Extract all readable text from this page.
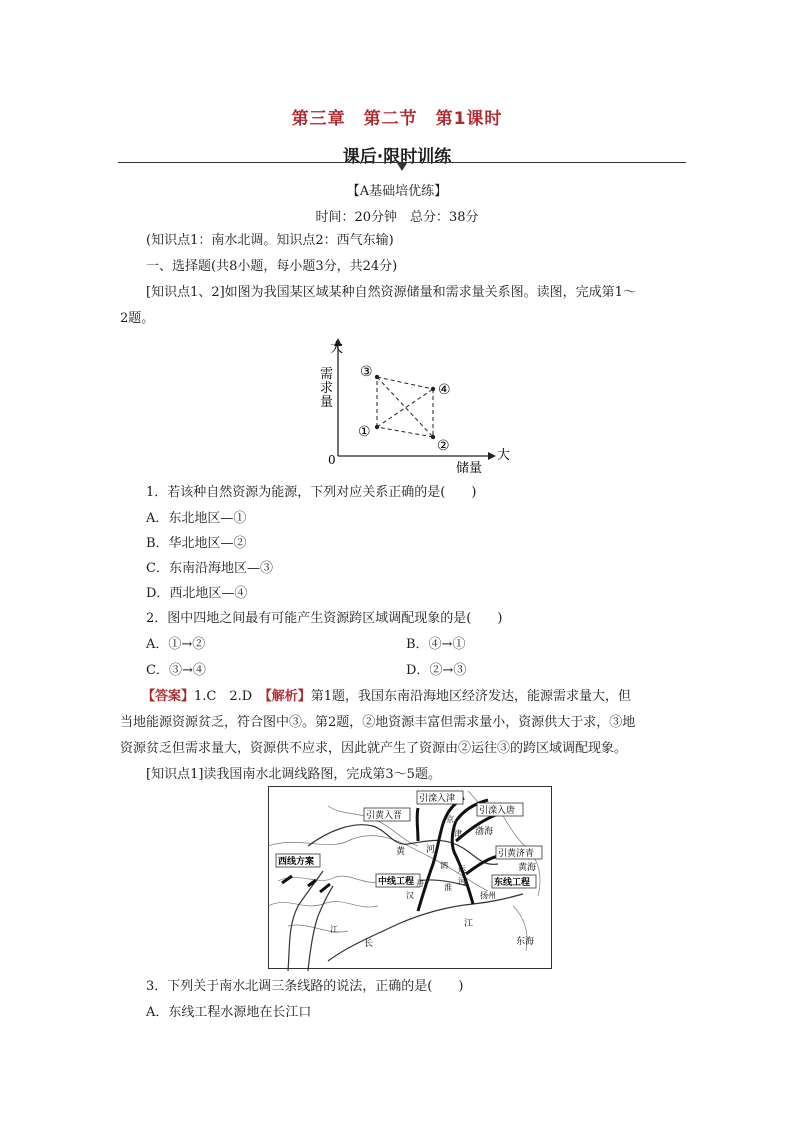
第三章　第二节　第1课时
课后·限时训练
【A基础培优练】
时间：20分钟　总分：38分
(知识点1：南水北调。知识点2：西气东输)
一、选择题(共8小题，每小题3分，共24分)
[知识点1、2]如图为我国某区域某种自然资源储量和需求量关系图。读图，完成第1～
2题。
大
大
0
储量
需 求 量
③
④
①
②
1．若该种自然资源为能源，下列对应关系正确的是(　　)
A．东北地区—①
B．华北地区—②
C．东南沿海地区—③
D．西北地区—④
2．图中四地之间最有可能产生资源跨区域调配现象的是(　　)
A．①→②	B．④→①
C．③→④	D．②→③
【答案】1.C　2.D　【解析】第1题，我国东南沿海地区经济发达，能源需求量大，但
当地能源资源贫乏，符合图中③。第2题，②地资源丰富但需求量小，资源供大于求，③地
资源贫乏但需求量大，资源供不应求，因此就产生了资源由②运往③的跨区域调配现象。
[知识点1]读我国南水北调线路图，完成第3～5题。
引滦入津
引滦入唐
引黄入晋
引黄济青
西线方案
中线工程	东线工程
渤海
黄海
东海
京
津
扬州
长
江
河
黄
运
河
泗
淮
汉
丹
江
3．下列关于南水北调三条线路的说法，正确的是(　　)
A．东线工程水源地在长江口
